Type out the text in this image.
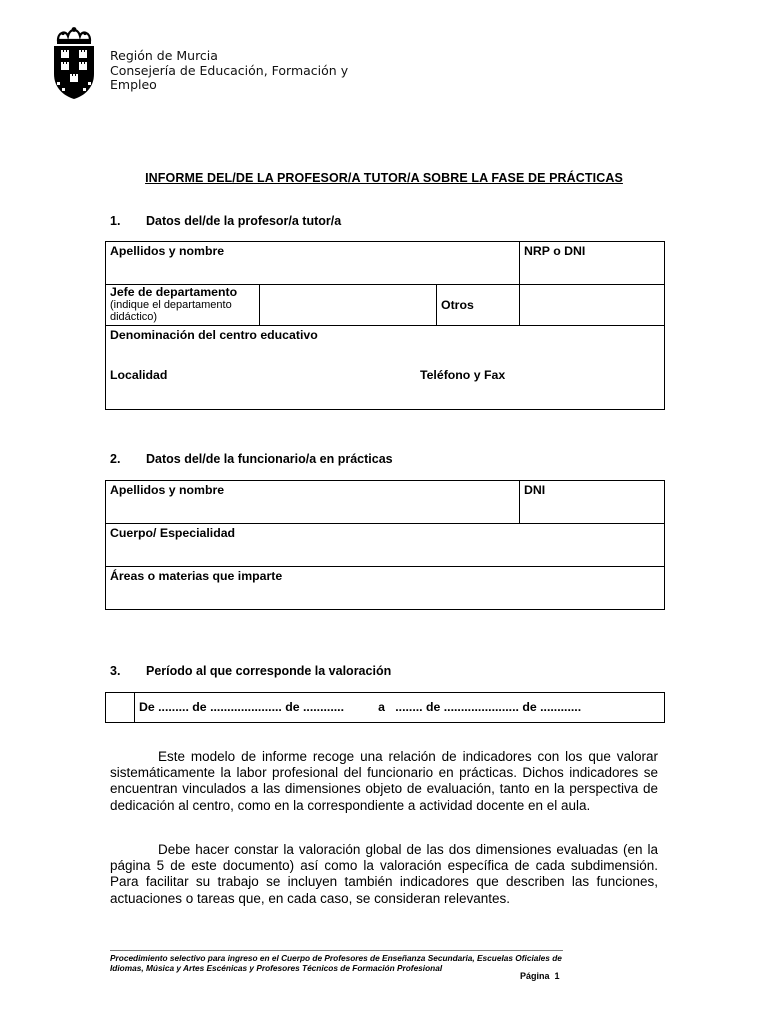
Región de Murcia
Consejería de Educación, Formación y
Empleo
INFORME DEL/DE LA PROFESOR/A TUTOR/A SOBRE LA FASE DE PRÁCTICAS
1. Datos del/de la profesor/a tutor/a
Apellidos y nombre			NRP o DNI

Jefe de departamento
(indique el departamento didáctico)		Otros	

Denominación del centro educativo
Localidad Teléfono y Fax			
2. Datos del/de la funcionario/a en prácticas
Apellidos y nombre	DNI
Cuerpo/ Especialidad
Áreas o materias que imparte
3. Período al que corresponde la valoración
	De ......... de ..................... de ............          a   ........ de ...................... de ............
Este modelo de informe recoge una relación de indicadores con los que valorar sistemáticamente la labor profesional del funcionario en prácticas. Dichos indicadores se encuentran vinculados a las dimensiones objeto de evaluación, tanto en la perspectiva de dedicación al centro, como en la correspondiente a actividad docente en el aula.
Debe hacer constar la valoración global de las dos dimensiones evaluadas (en la página 5 de este documento) así como la valoración específica de cada subdimensión. Para facilitar su trabajo se incluyen también indicadores que describen las funciones, actuaciones o tareas que, en cada caso, se consideran relevantes.
Procedimiento selectivo para ingreso en el Cuerpo de Profesores de Enseñanza Secundaria, Escuelas Oficiales de Idiomas, Música y Artes Escénicas y Profesores Técnicos de Formación Profesional
Página  1
